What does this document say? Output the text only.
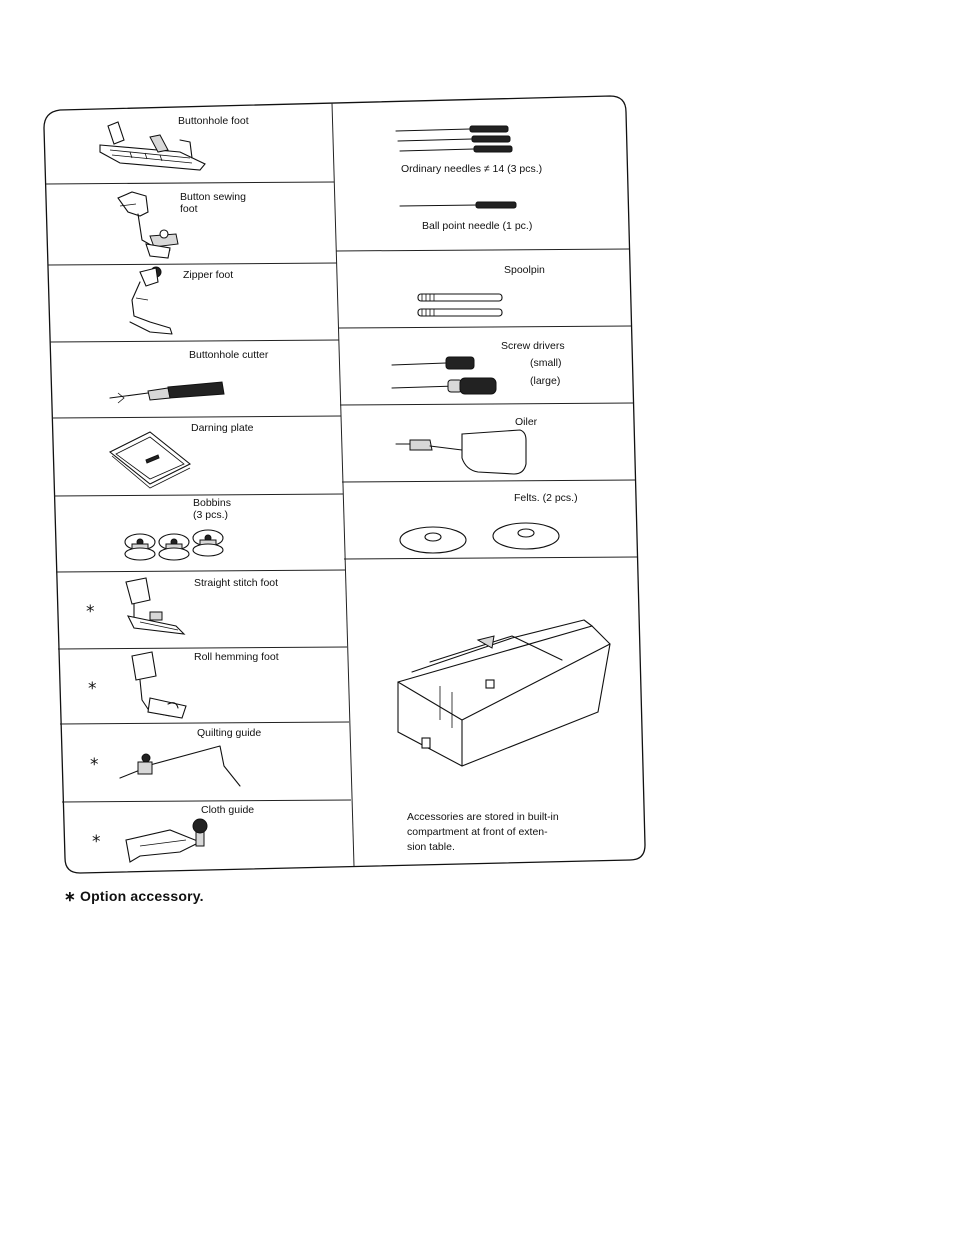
Buttonhole foot
Button sewing
foot
Zipper foot
Buttonhole cutter
Darning plate
Bobbins
(3 pcs.)
*
Straight stitch foot
*
Roll hemming foot
*
Quilting guide
*
Cloth guide
Ordinary needles ≠ 14 (3 pcs.)
Ball point needle (1 pc.)
Spoolpin
Screw drivers
(small)
(large)
Oiler
Felts. (2 pcs.)
Accessories are stored in built-in
compartment at front of exten-
sion table.
∗ Option accessory.
